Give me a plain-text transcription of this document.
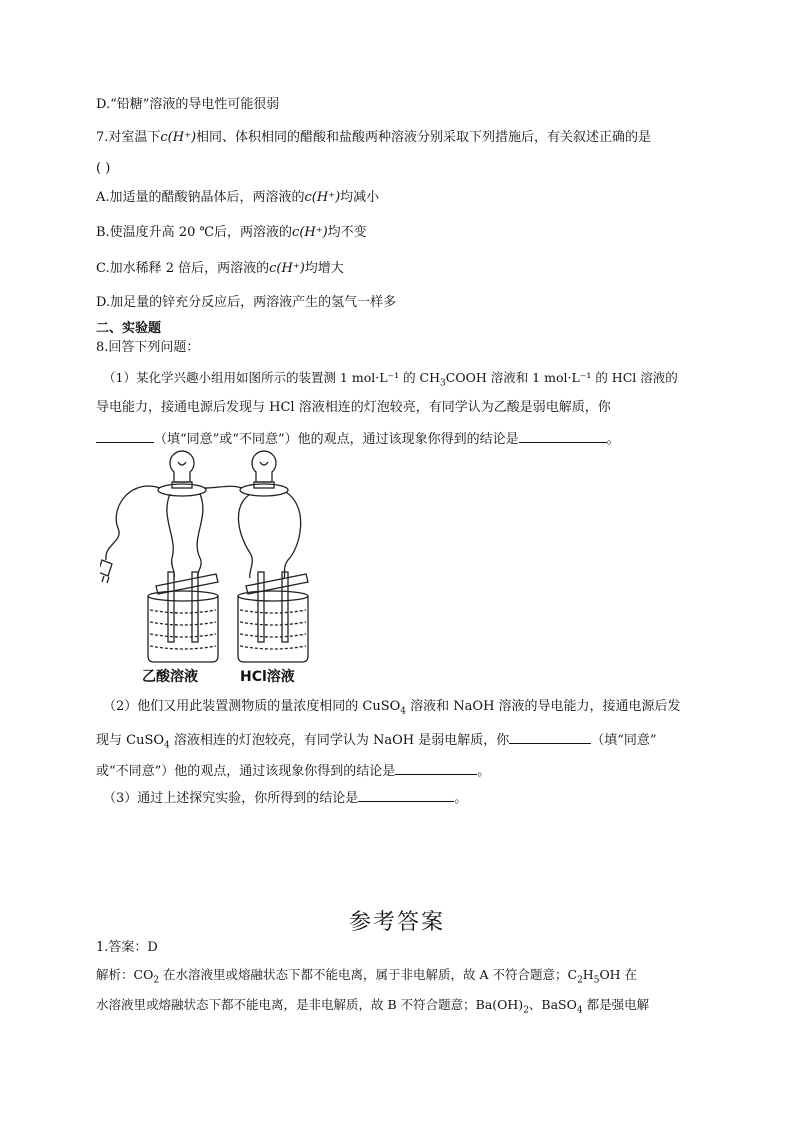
D.“铅糖”溶液的导电性可能很弱
7.对室温下c(H⁺)相同、体积相同的醋酸和盐酸两种溶液分别采取下列措施后，有关叙述正确的是
( )
A.加适量的醋酸钠晶体后，两溶液的c(H⁺)均减小
B.使温度升高 20 ℃后，两溶液的c(H⁺)均不变
C.加水稀释 2 倍后，两溶液的c(H⁺)均增大
D.加足量的锌充分反应后，两溶液产生的氢气一样多
二、实验题
8.回答下列问题：
（1）某化学兴趣小组用如图所示的装置测 1 mol·L⁻¹ 的 $CH_3COOH$ 溶液和 1 mol·L⁻¹ 的 HCl 溶液的
导电能力，接通电源后发现与 HCl 溶液相连的灯泡较亮，有同学认为乙酸是弱电解质，你
（填“同意”或“不同意”）他的观点，通过该现象你得到的结论是	。
乙酸溶液	HCl溶液
（2）他们又用此装置测物质的量浓度相同的 CuSO$_4$ 溶液和 NaOH 溶液的导电能力，接通电源后发
现与 CuSO$_4$ 溶液相连的灯泡较亮，有同学认为 NaOH 是弱电解质，你	（填“同意”
或“不同意”）他的观点，通过该现象你得到的结论是	。
（3）通过上述探究实验，你所得到的结论是	。
参考答案
1.答案：D
解析：$CO_2$ 在水溶液里或熔融状态下都不能电离，属于非电解质，故 A 不符合题意；$C_2H_5OH$ 在
水溶液里或熔融状态下都不能电离，是非电解质，故 B 不符合题意；$Ba(OH)_2$、BaSO$_4$ 都是强电解
